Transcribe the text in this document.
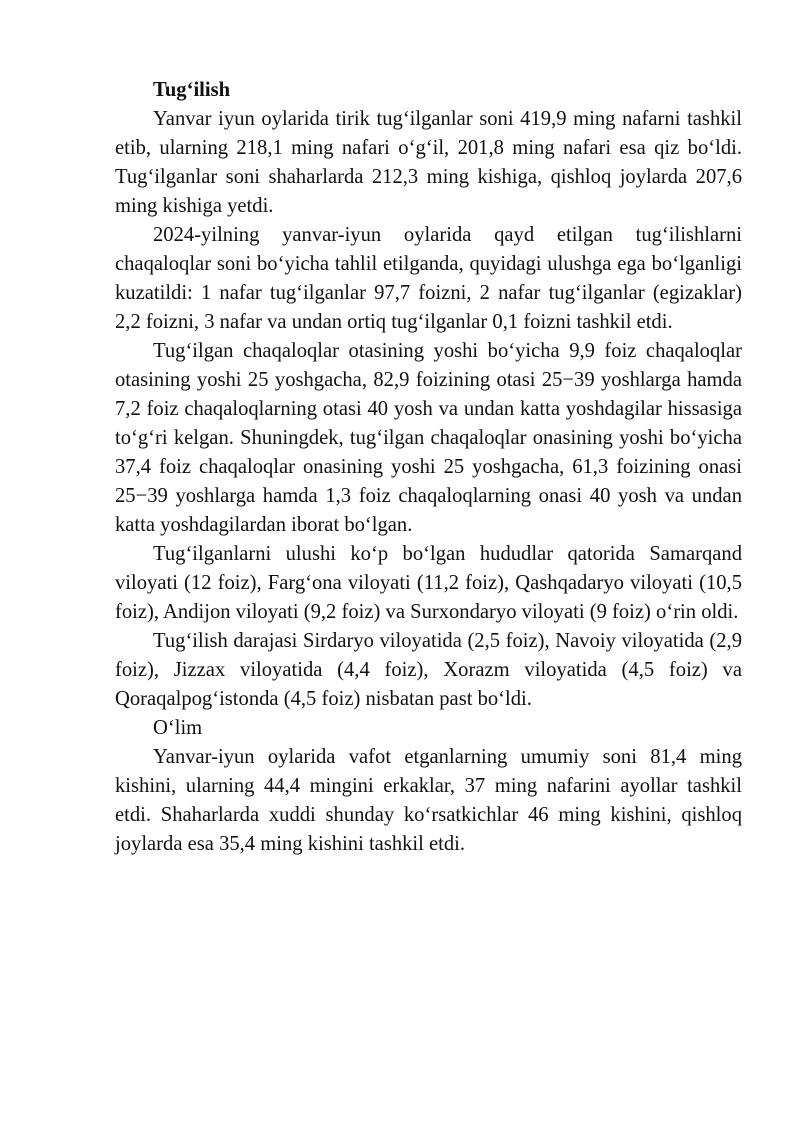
Tug‘ilish

Yanvar iyun oylarida tirik tug‘ilganlar soni 419,9 ming nafarni tashkil etib, ularning 218,1 ming nafari o‘g‘il, 201,8 ming nafari esa qiz bo‘ldi. Tug‘ilganlar soni shaharlarda 212,3 ming kishiga, qishloq joylarda 207,6 ming kishiga yetdi.

2024-yilning yanvar-iyun oylarida qayd etilgan tug‘ilishlarni chaqaloqlar soni bo‘yicha tahlil etilganda, quyidagi ulushga ega bo‘lganligi kuzatildi: 1 nafar tug‘ilganlar 97,7 foizni, 2 nafar tug‘ilganlar (egizaklar) 2,2 foizni, 3 nafar va undan ortiq tug‘ilganlar 0,1 foizni tashkil etdi.

Tug‘ilgan chaqaloqlar otasining yoshi bo‘yicha 9,9 foiz chaqaloqlar otasining yoshi 25 yoshgacha, 82,9 foizining otasi 25−39 yoshlarga hamda 7,2 foiz chaqaloqlarning otasi 40 yosh va undan katta yoshdagilar hissasiga to‘g‘ri kelgan. Shuningdek, tug‘ilgan chaqaloqlar onasining yoshi bo‘yicha 37,4 foiz chaqaloqlar onasining yoshi 25 yoshgacha, 61,3 foizining onasi 25−39 yoshlarga hamda 1,3 foiz chaqaloqlarning onasi 40 yosh va undan katta yoshdagilardan iborat bo‘lgan.

Tug‘ilganlarni ulushi ko‘p bo‘lgan hududlar qatorida Samarqand viloyati (12 foiz), Farg‘ona viloyati (11,2 foiz), Qashqadaryo viloyati (10,5 foiz), Andijon viloyati (9,2 foiz) va Surxondaryo viloyati (9 foiz) o‘rin oldi.

Tug‘ilish darajasi Sirdaryo viloyatida (2,5 foiz), Navoiy viloyatida (2,9 foiz), Jizzax viloyatida (4,4 foiz), Xorazm viloyatida (4,5 foiz) va Qoraqalpog‘istonda (4,5 foiz) nisbatan past bo‘ldi.

O‘lim

Yanvar-iyun oylarida vafot etganlarning umumiy soni 81,4 ming kishini, ularning 44,4 mingini erkaklar, 37 ming nafarini ayollar tashkil etdi. Shaharlarda xuddi shunday ko‘rsatkichlar 46 ming kishini, qishloq joylarda esa 35,4 ming kishini tashkil etdi.
